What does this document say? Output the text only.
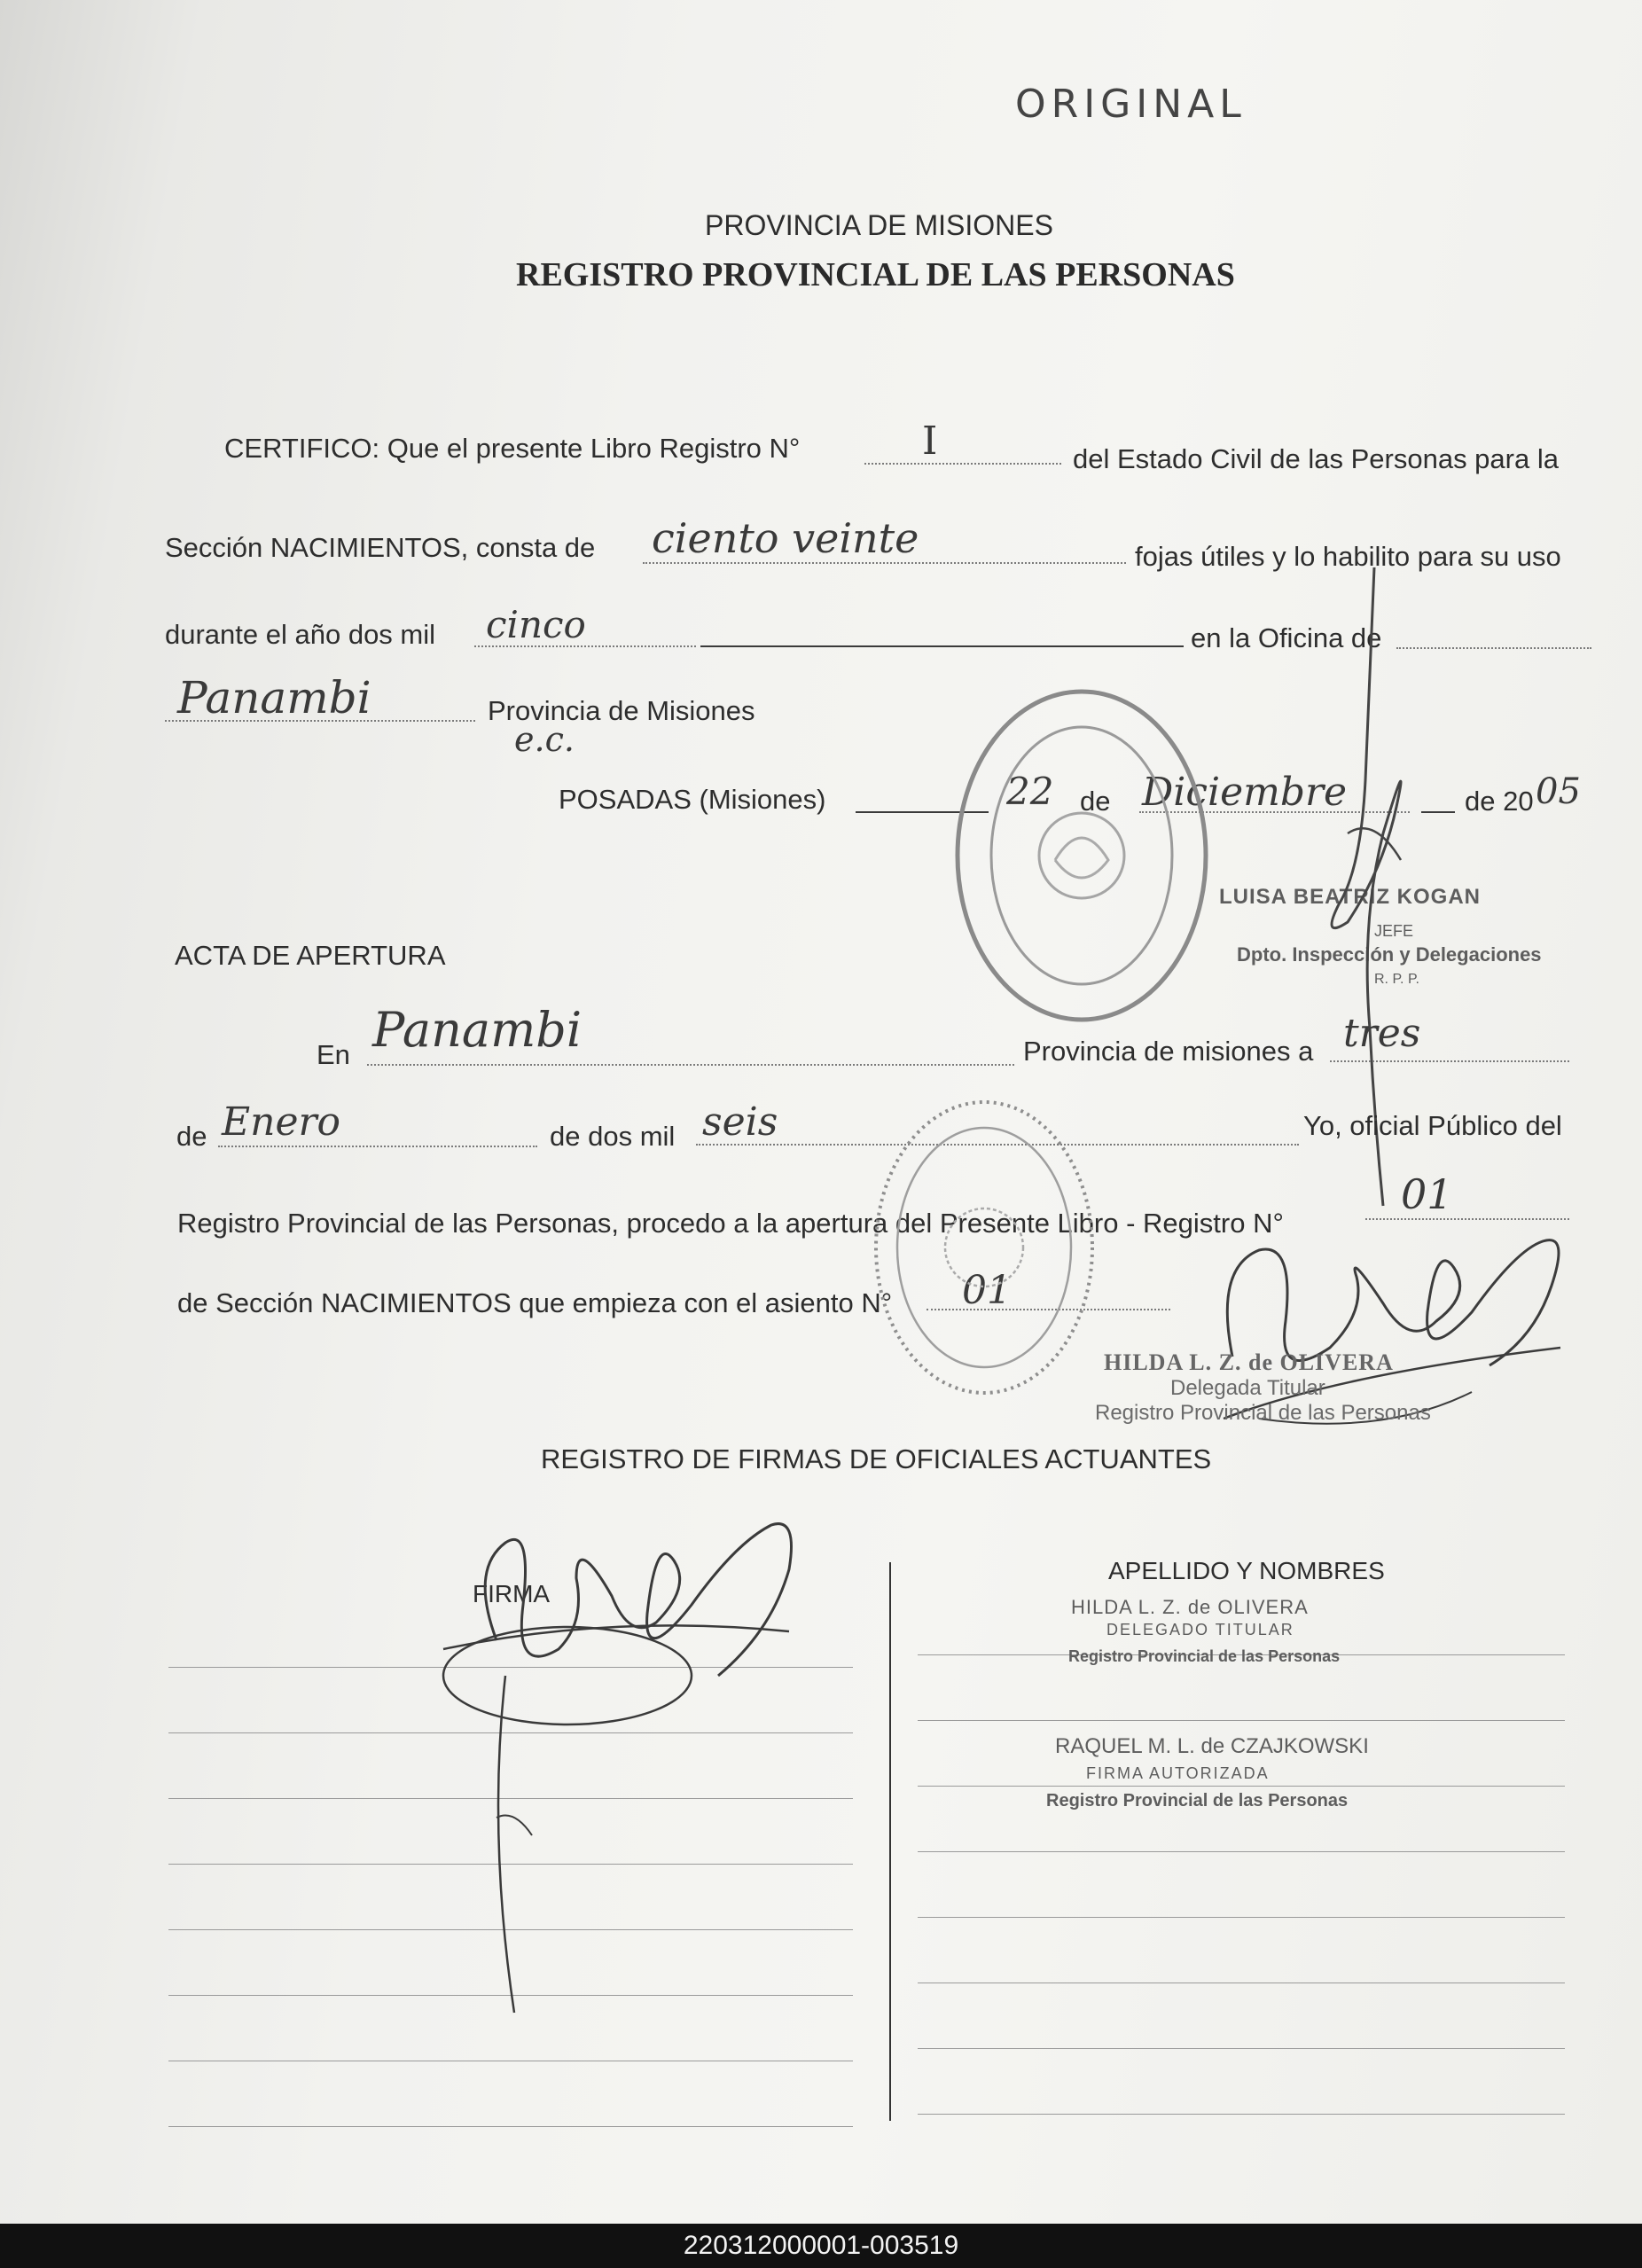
ORIGINAL
PROVINCIA DE MISIONES
REGISTRO PROVINCIAL DE LAS PERSONAS
CERTIFICO: Que el presente Libro Registro N°	I	del Estado Civil de las Personas para la
Sección NACIMIENTOS, consta de ciento veinte	fojas útiles y lo habilito para su uso
durante el año dos mil cinco	en la Oficina de
Panambi	Provincia de Misiones
e.c.
POSADAS (Misiones)	22 de Diciembre	de 20 05
LUISA BEATRIZ KOGAN
JEFE
Dpto. Inspección y Delegaciones
R. P. P.
ACTA DE APERTURA
En Panambi	Provincia de misiones a tres
de Enero	de dos mil seis	Yo, oficial Público del
Registro Provincial de las Personas, procedo a la apertura del Presente Libro - Registro N°
01
de Sección NACIMIENTOS que empieza con el asiento N° 01
HILDA L. Z. de OLIVERA
Delegada Titular
Registro Provincial de las Personas
REGISTRO DE FIRMAS DE OFICIALES ACTUANTES
FIRMA
APELLIDO Y NOMBRES
HILDA L. Z. de OLIVERA
DELEGADO TITULAR
Registro Provincial de las Personas
RAQUEL M. L. de CZAJKOWSKI
FIRMA AUTORIZADA
Registro Provincial de las Personas
220312000001-003519
